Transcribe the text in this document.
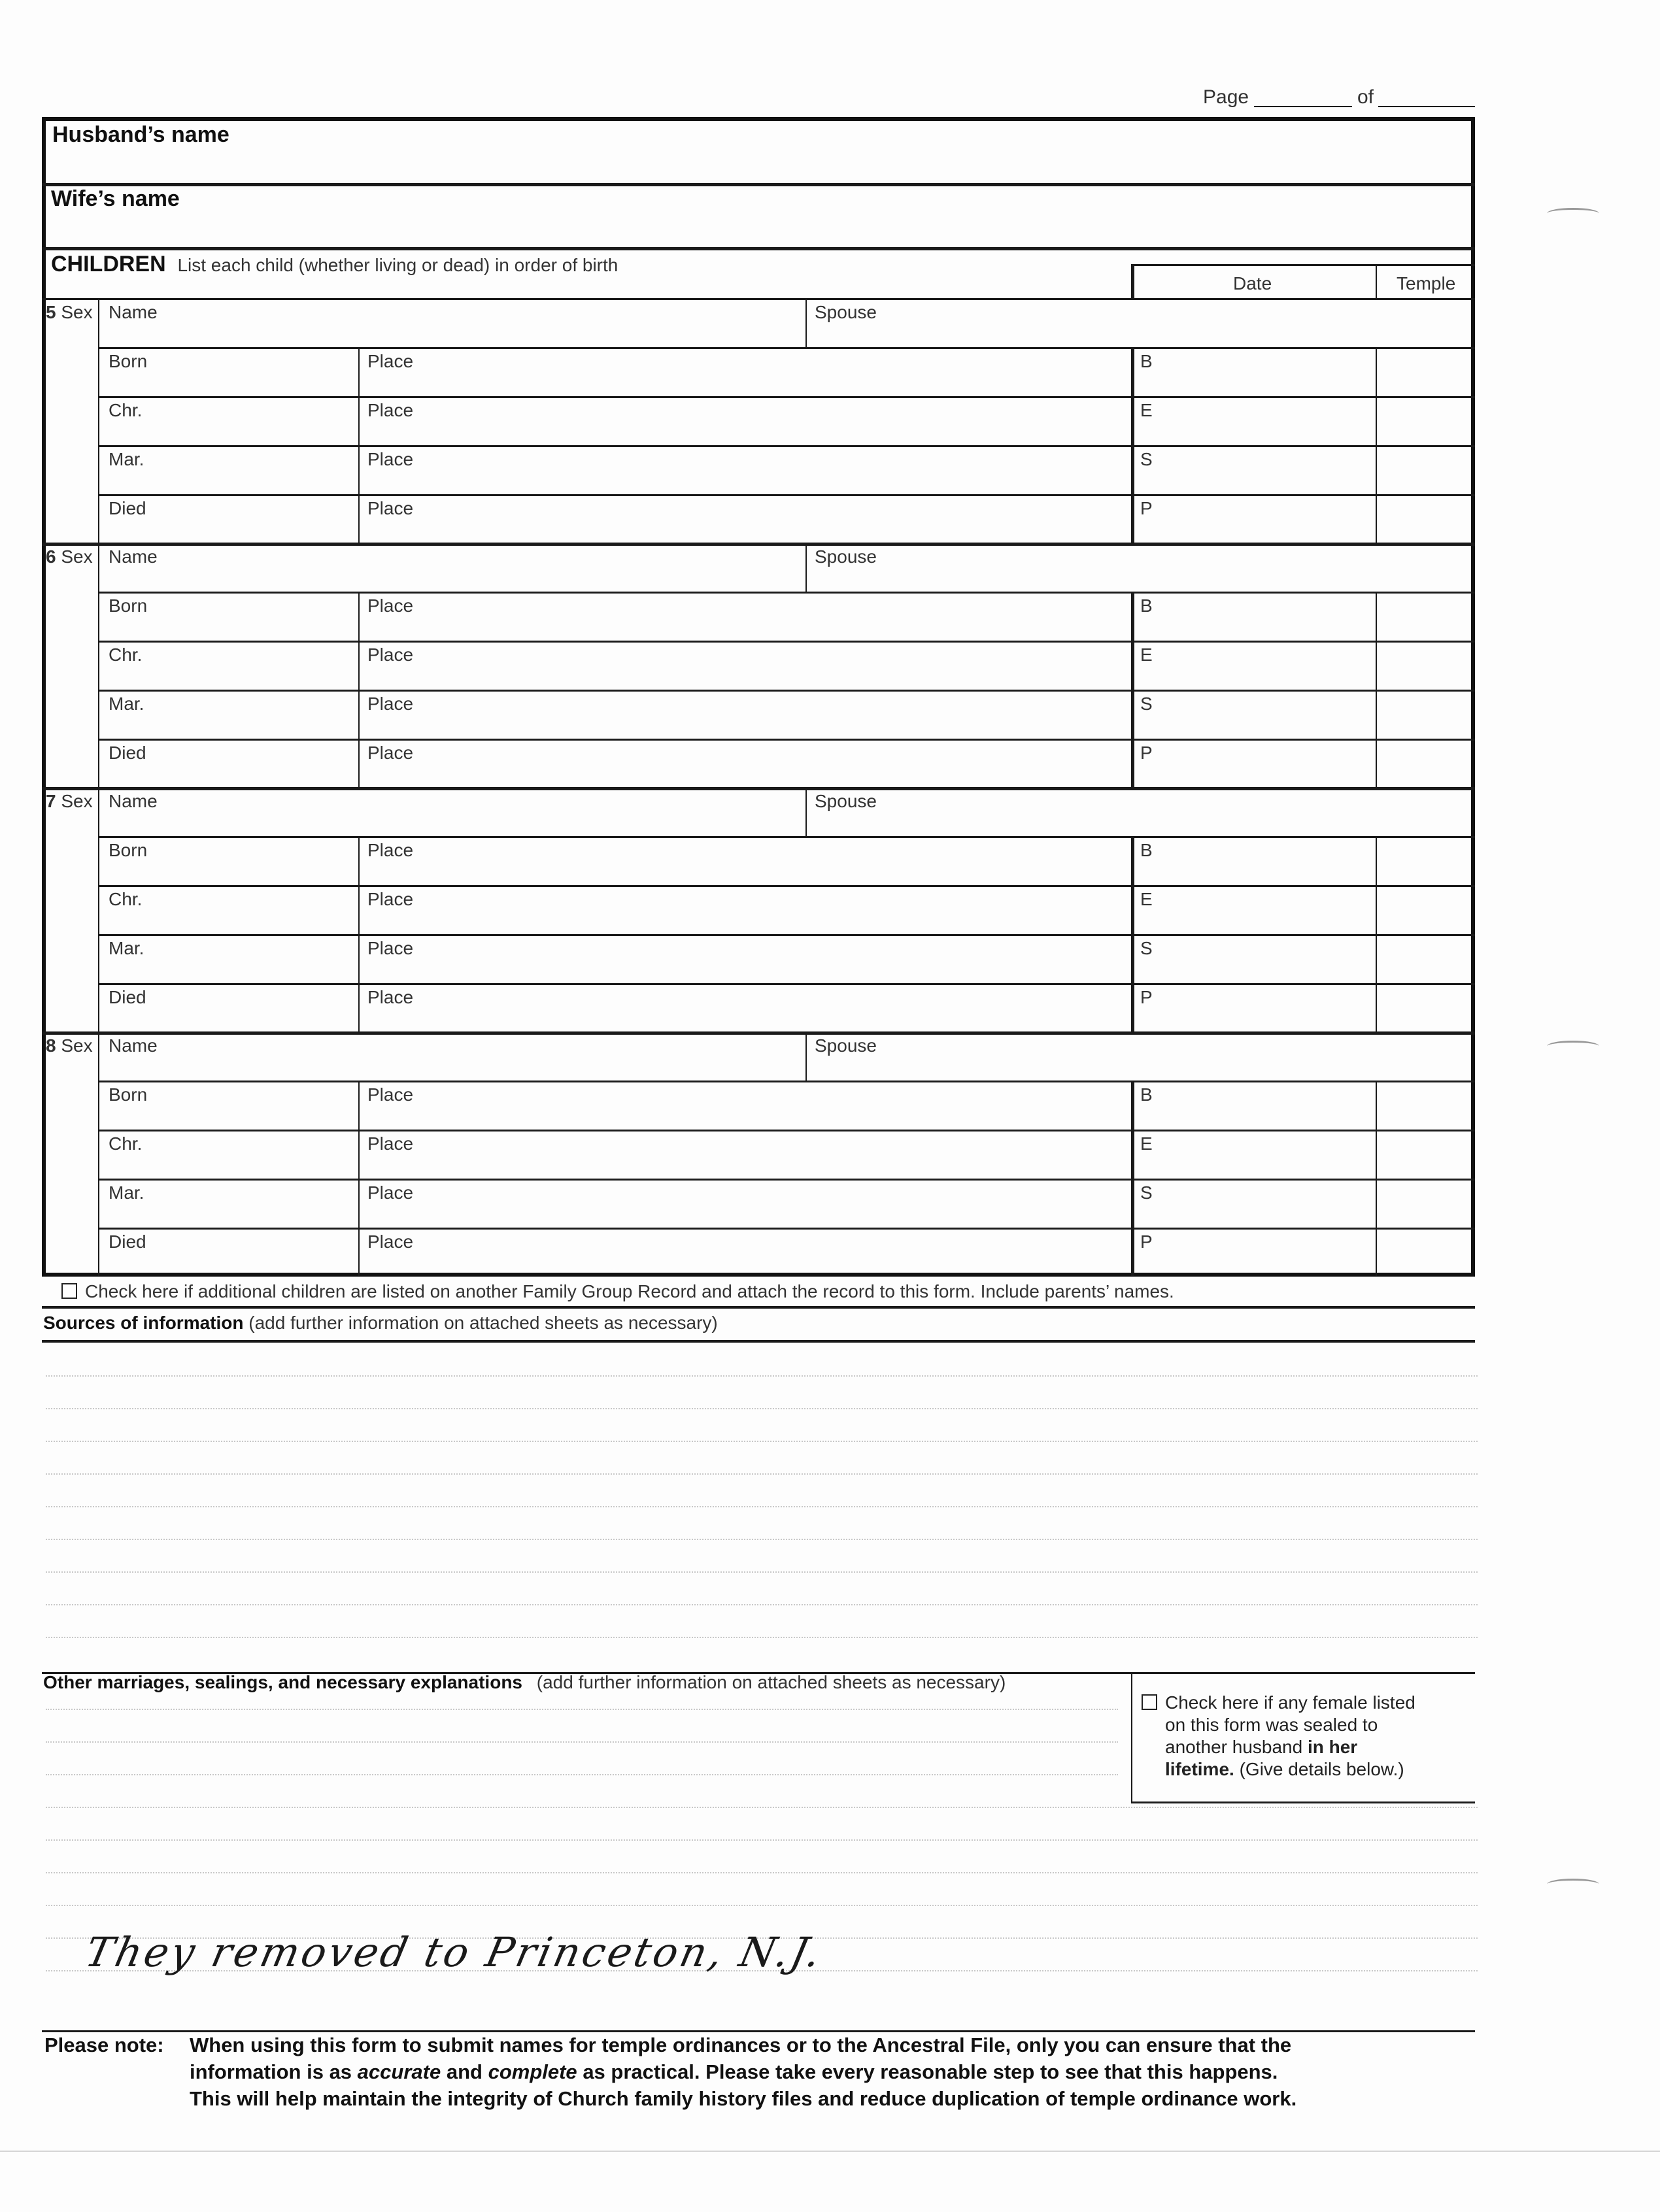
Page	of
Husband’s name
Wife’s name
CHILDREN List each child (whether living or dead) in order of birth
Date	Temple
5 Sex Name	Spouse
Born	Place	B
Chr.	Place	E
Mar.	Place	S
Died	Place	P
6 Sex Name	Spouse
Born	Place	B
Chr.	Place	E
Mar.	Place	S
Died	Place	P
7 Sex Name	Spouse
Born	Place	B
Chr.	Place	E
Mar.	Place	S
Died	Place	P
8 Sex Name	Spouse
Born	Place	B
Chr.	Place	E
Mar.	Place	S
Died	Place	P
Check here if additional children are listed on another Family Group Record and attach the record to this form. Include parents’ names.
Sources of information (add further information on attached sheets as necessary)
Other marriages, sealings, and necessary explanations (add further information on attached sheets as necessary)
Check here if any female listed
on this form was sealed to
another husband in her
lifetime. (Give details below.)
They removed to Princeton, N.J.
Please note: When using this form to submit names for temple ordinances or to the Ancestral File, only you can ensure that the
information is as accurate and complete as practical. Please take every reasonable step to see that this happens.
This will help maintain the integrity of Church family history files and reduce duplication of temple ordinance work.
